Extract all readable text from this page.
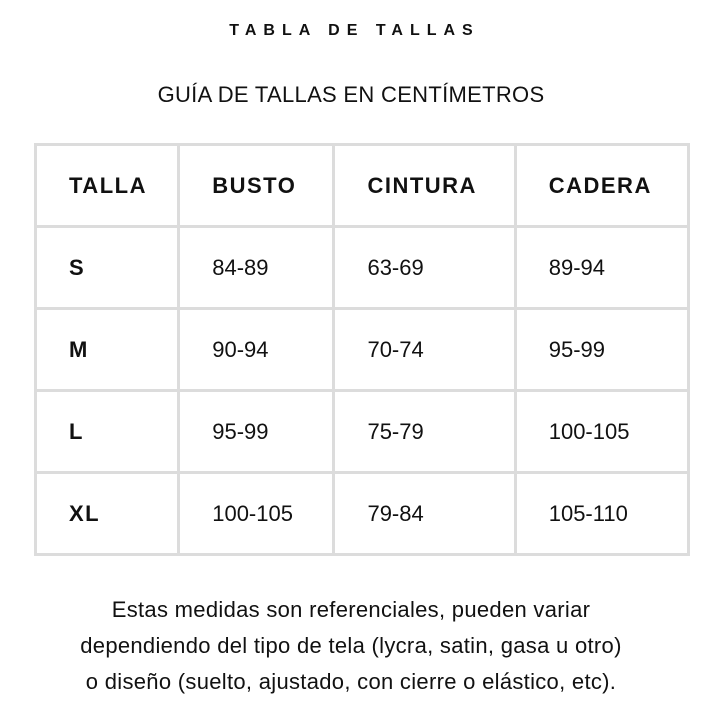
TABLA DE TALLAS
GUÍA DE TALLAS EN CENTÍMETROS
TALLA	BUSTO	CINTURA	CADERA
S	84-89	63-69	89-94
M	90-94	70-74	95-99
L	95-99	75-79	100-105
XL	100-105	79-84	105-110
Estas medidas son referenciales, pueden variar
dependiendo del tipo de tela (lycra, satin, gasa u otro)
o diseño (suelto, ajustado, con cierre o elástico, etc).
